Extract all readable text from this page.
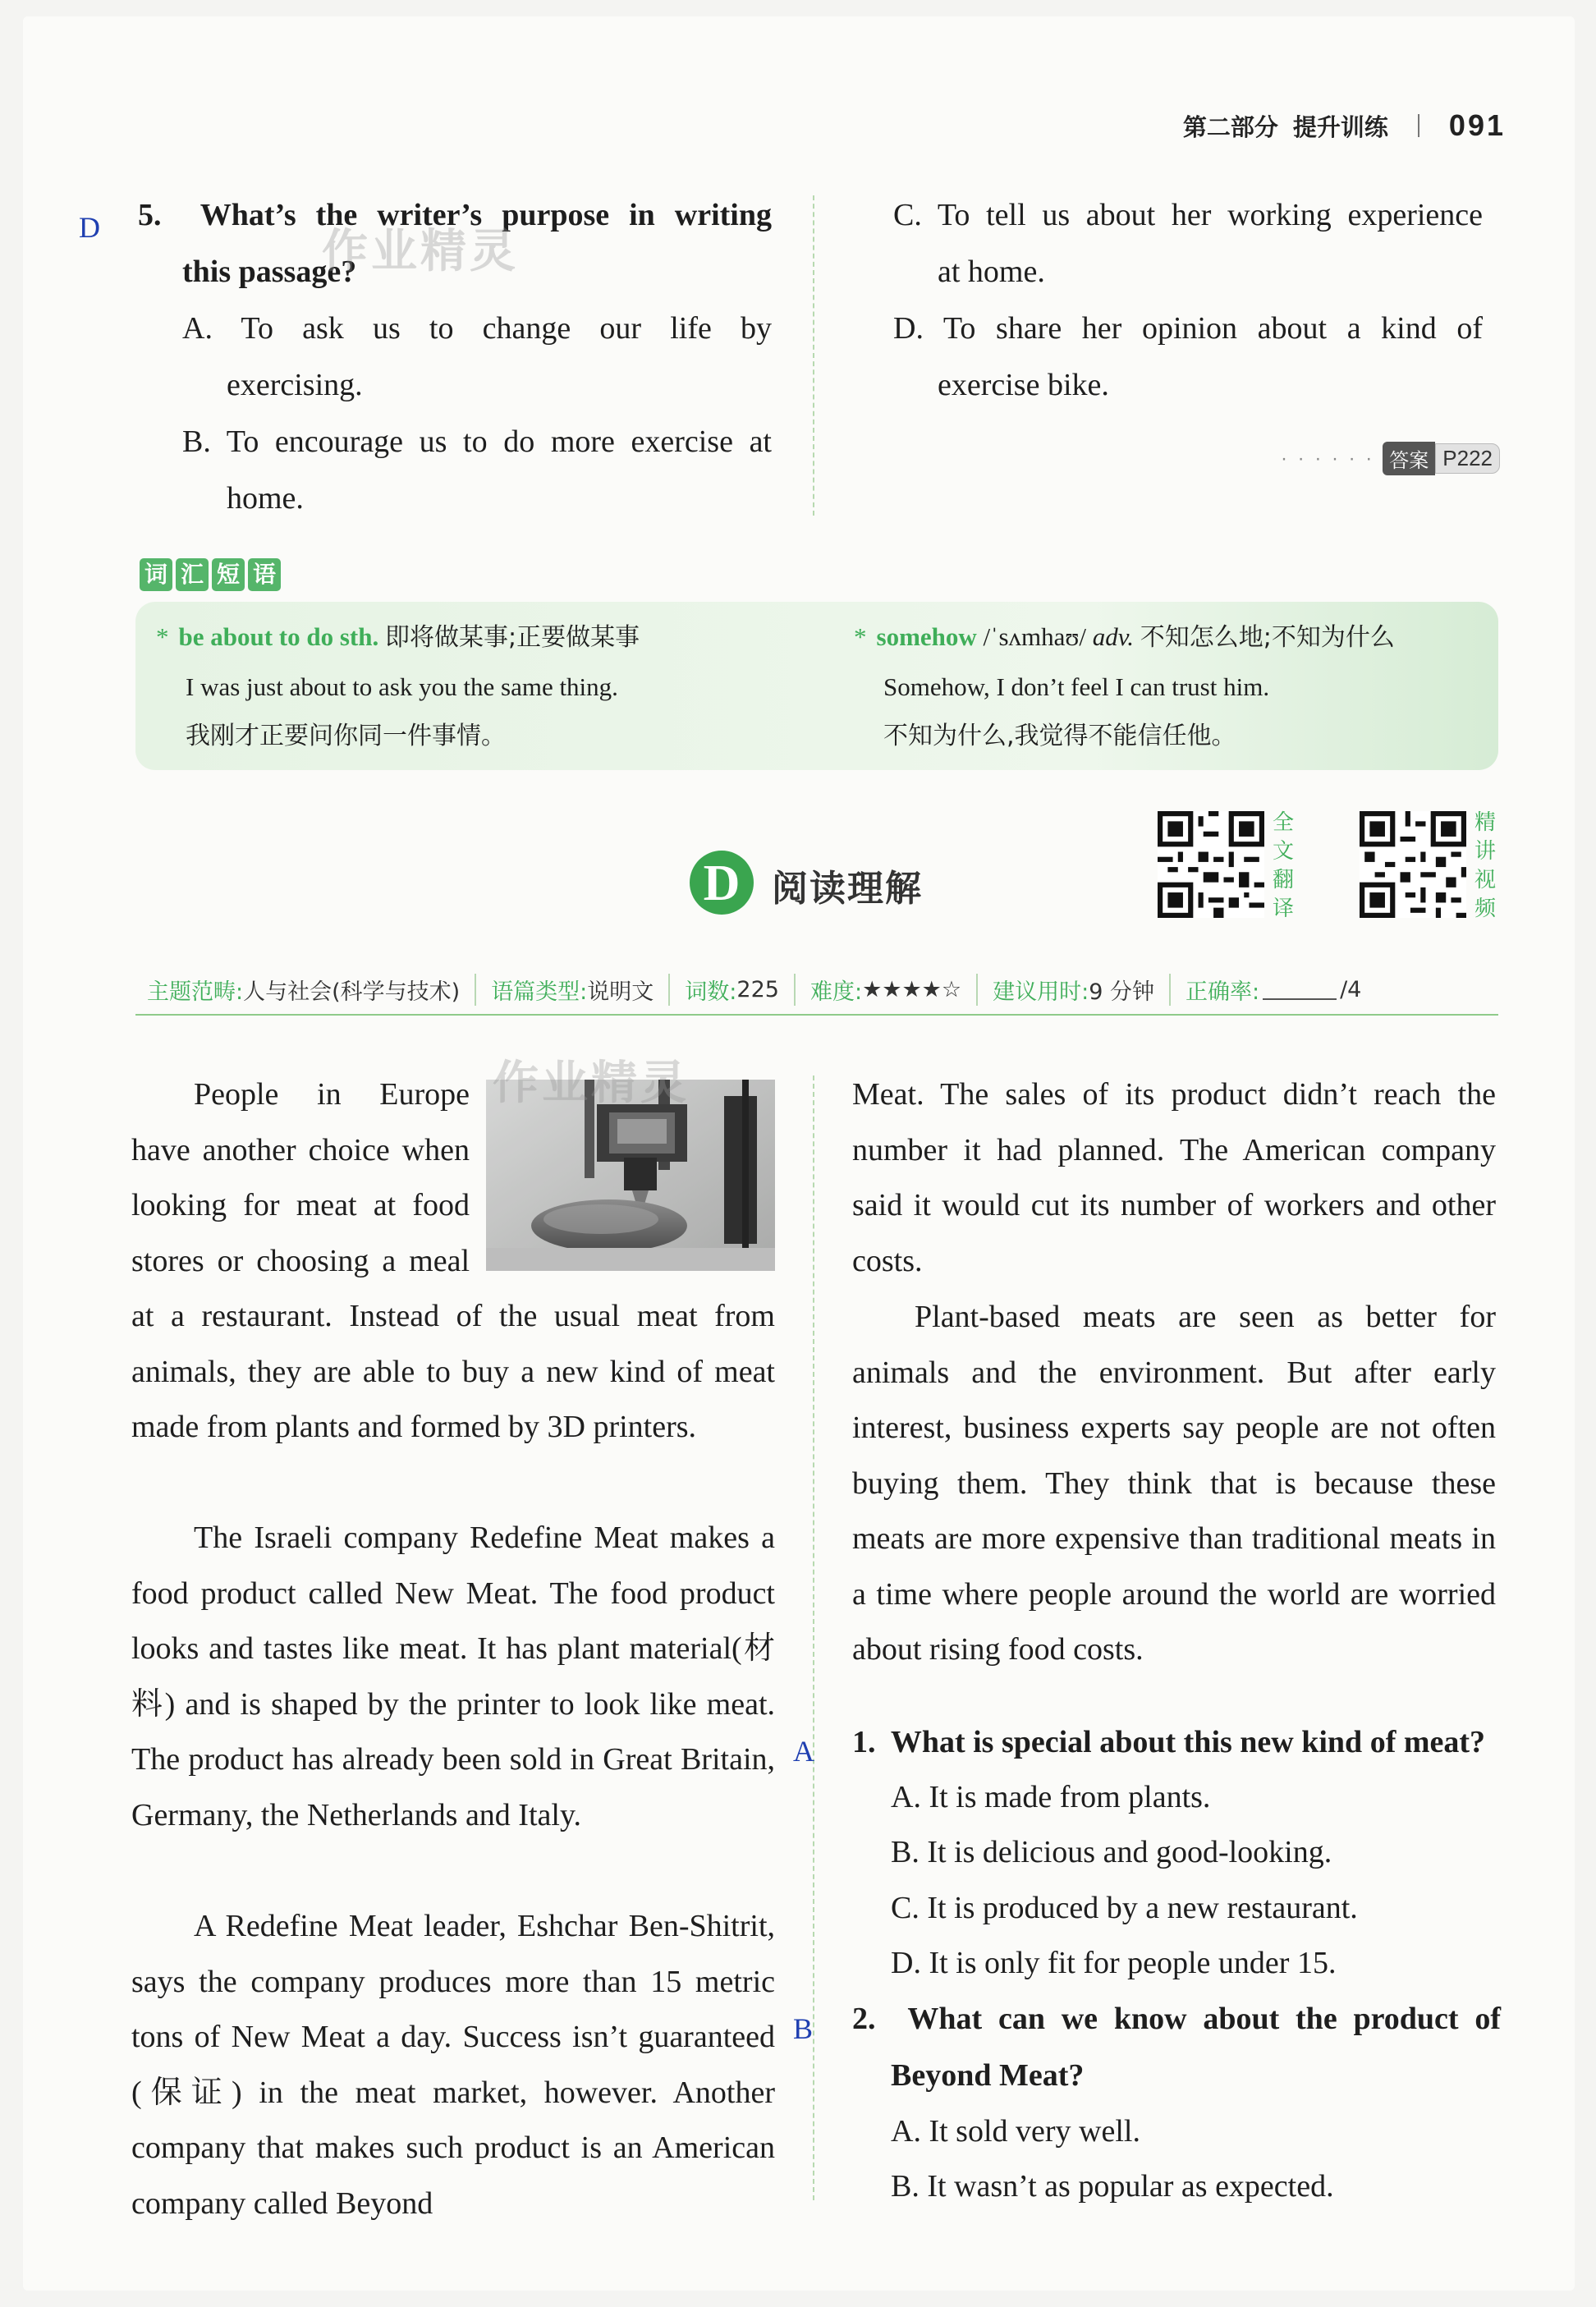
第二部分 提升训练 091
D 5. What’s the writer’s purpose in writing
this passage?
作业精灵
A. To ask us to change our life by
exercising.
B. To encourage us to do more exercise at
home.
C. To tell us about her working experience
at home.
D. To share her opinion about a kind of
exercise bike.
· · · · · · 答案 P222
词 汇 短 语
* be about to do sth. 即将做某事;正要做某事
I was just about to ask you the same thing.
我刚才正要问你同一件事情。
* somehow /ˈsʌmhaʊ/ adv. 不知怎么地;不知为什么
Somehow, I don’t feel I can trust him.
不知为什么,我觉得不能信任他。
D 阅读理解
全
文
翻
译
精
讲
视
频
主题范畴: 人与社会(科学与技术) 语篇类型: 说明文 词数: 225 难度: ★★★★☆ 建议用时: 9 分钟 正确率:	/4
作业精灵
People in Europe
have another choice when
looking for meat at food
stores or choosing a meal
at a restaurant. Instead of the usual meat from animals, they are able to buy a new kind of meat made from plants and formed by 3D printers.
The Israeli company Redefine Meat makes a food product called New Meat. The food product looks and tastes like meat. It has plant material(材料) and is shaped by the printer to look like meat. The product has already been sold in Great Britain, Germany, the Netherlands and Italy.
A Redefine Meat leader, Eshchar Ben-Shitrit, says the company produces more than 15 metric tons of New Meat a day. Success isn’t guaranteed (保证) in the meat market, however. Another company that makes such product is an American company called Beyond
A
B
Meat. The sales of its product didn’t reach the number it had planned. The American company said it would cut its number of workers and other costs.
Plant-based meats are seen as better for animals and the environment. But after early interest, business experts say people are not often buying them. They think that is because these meats are more expensive than traditional meats in a time where people around the world are worried about rising food costs.
1. What is special about this new kind of meat?
A. It is made from plants.
B. It is delicious and good-looking.
C. It is produced by a new restaurant.
D. It is only fit for people under 15.
2. What can we know about the product of
Beyond Meat?
A. It sold very well.
B. It wasn’t as popular as expected.
